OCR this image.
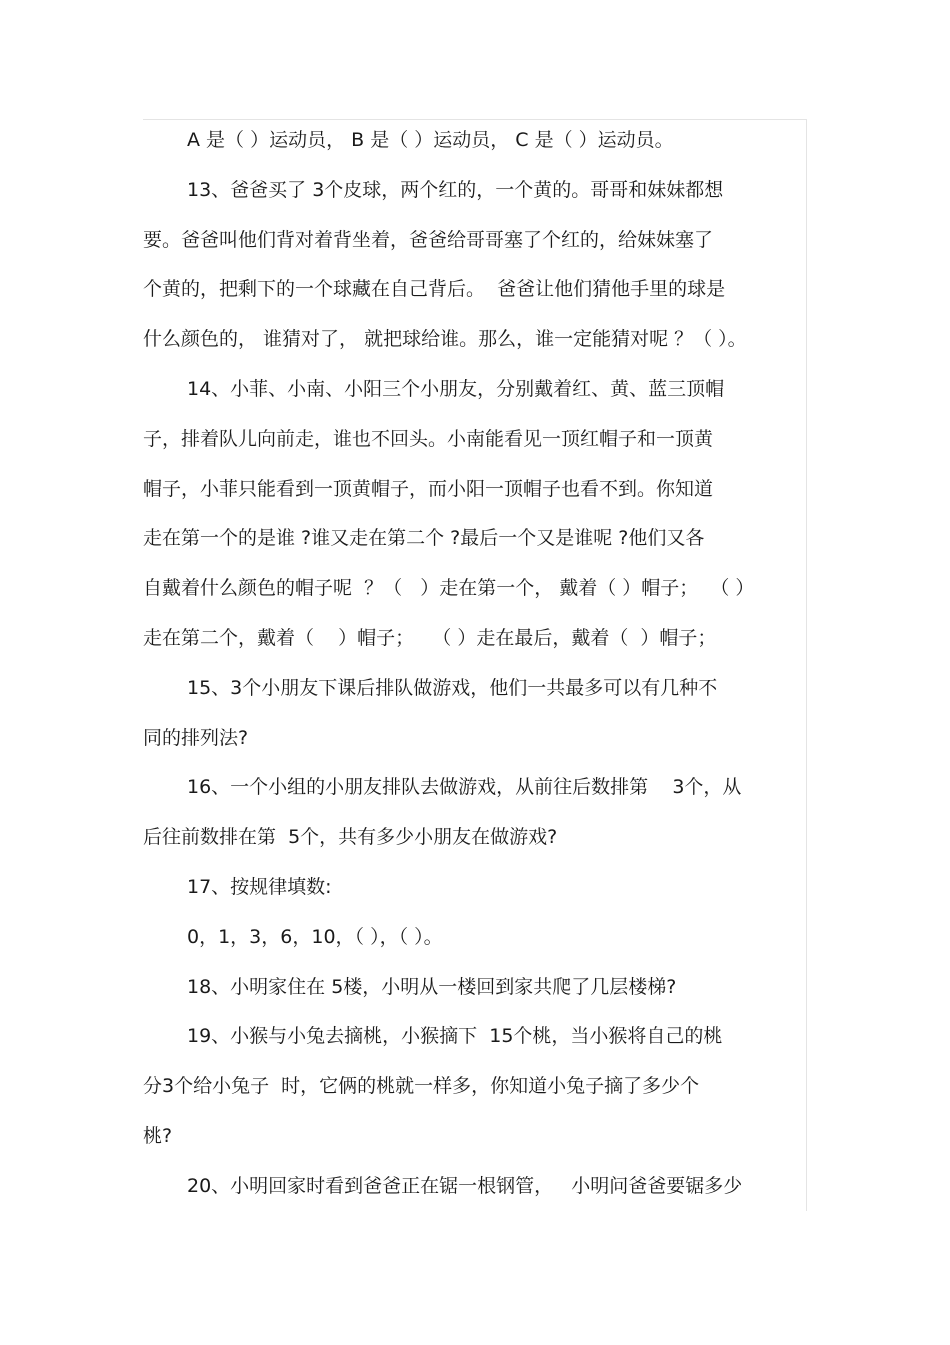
A 是（ ）运动员， B 是（ ）运动员， C 是（ ）运动员。
13、爸爸买了 3个皮球，两个红的，一个黄的。哥哥和妹妹都想
要。爸爸叫他们背对着背坐着，爸爸给哥哥塞了个红的，给妹妹塞了
个黄的，把剩下的一个球藏在自己背后。  爸爸让他们猜他手里的球是
什么颜色的， 谁猜对了， 就把球给谁。那么，谁一定能猜对呢 ？（ ）。
14、小菲、小南、小阳三个小朋友，分别戴着红、黄、蓝三顶帽
子，排着队儿向前走，谁也不回头。小南能看见一顶红帽子和一顶黄
帽子，小菲只能看到一顶黄帽子，而小阳一顶帽子也看不到。你知道
走在第一个的是谁 ?谁又走在第二个 ?最后一个又是谁呢 ?他们又各
自戴着什么颜色的帽子呢  ？（   ）走在第一个， 戴着（ ）帽子；  （ ）
走在第二个，戴着（    ）帽子；   （ ）走在最后，戴着（  ）帽子；
15、3个小朋友下课后排队做游戏，他们一共最多可以有几种不
同的排列法?
16、一个小组的小朋友排队去做游戏，从前往后数排第    3个，从
后往前数排在第  5个，共有多少小朋友在做游戏?
17、按规律填数:
0，1，3，6，10，（ ），（ ）。
18、小明家住在 5楼，小明从一楼回到家共爬了几层楼梯?
19、小猴与小兔去摘桃，小猴摘下  15个桃，当小猴将自己的桃
分3个给小兔子  时，它俩的桃就一样多，你知道小兔子摘了多少个
桃?
20、小明回家时看到爸爸正在锯一根钢管，   小明问爸爸要锯多少
